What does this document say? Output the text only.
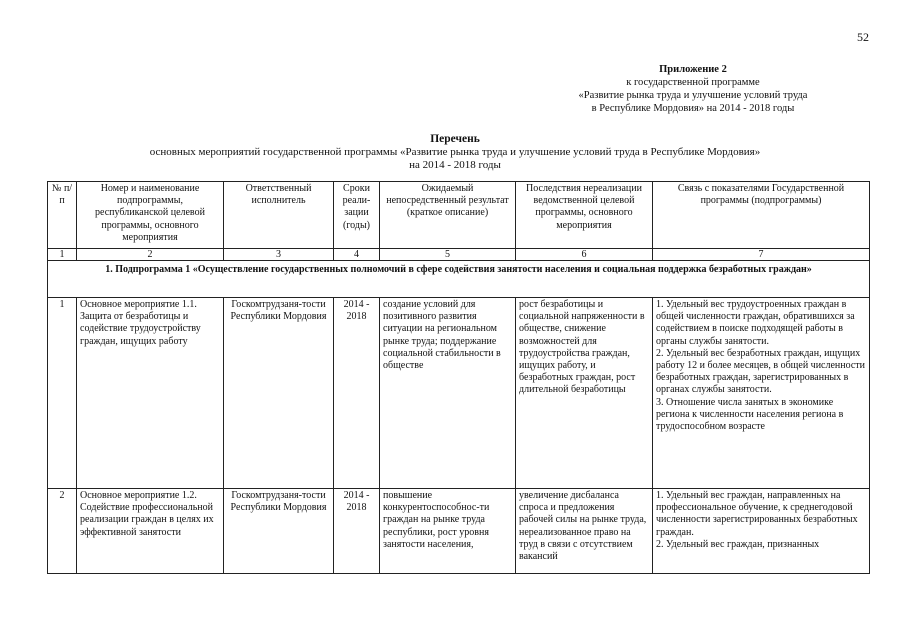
52
Приложение 2
к государственной программе
«Развитие рынка труда и улучшение условий труда
в Республике Мордовия» на 2014 - 2018 годы
Перечень
основных мероприятий государственной программы «Развитие рынка труда и улучшение условий труда в Республике Мордовия»
на 2014 - 2018 годы
№ п/п	Номер и наименование подпрограммы, республиканской целевой программы, основного мероприятия	Ответственный исполнитель	Сроки реали-зации (годы)	Ожидаемый непосредственный результат (краткое описание)	Последствия нереализации ведомственной целевой программы, основного мероприятия	Связь с показателями Государственной программы (подпрограммы)
1	2	3	4	5	6	7
1. Подпрограмма 1 «Осуществление государственных полномочий в сфере содействия занятости населения и социальная поддержка безработных граждан»						
1	Основное мероприятие 1.1. Защита от безработицы и содействие трудоустройству граждан, ищущих работу	Госкомтрудзаня-тости Республики Мордовия	2014 - 2018	создание условий для позитивного развития ситуации на региональном рынке труда; поддержание социальной стабильности в обществе	рост безработицы и социальной напряженности в обществе, снижение возможностей для трудоустройства граждан, ищущих работу, и безработных граждан, рост длительной безработицы	1. Удельный вес трудоустроенных граждан в общей численности граждан, обратившихся за содействием в поиске подходящей работы в органы службы занятости.
2. Удельный вес безработных граждан, ищущих работу 12 и более месяцев, в общей численности безработных граждан, зарегистрированных в органах службы занятости.
3. Отношение числа занятых в экономике региона к численности населения региона в трудоспособном возрасте

2	Основное мероприятие 1.2. Содействие профессиональной реализации граждан в целях их эффективной занятости	Госкомтрудзаня-тости Республики Мордовия	2014 - 2018	повышение конкурентоспособнос-ти граждан на рынке труда республики, рост уровня занятости населения,	увеличение дисбаланса спроса и предложения рабочей силы на рынке труда, нереализованное право на труд в связи с отсутствием вакансий	1. Удельный вес граждан, направленных на профессиональное обучение, к среднегодовой численности зарегистрированных безработных граждан.
2. Удельный вес граждан, признанных
